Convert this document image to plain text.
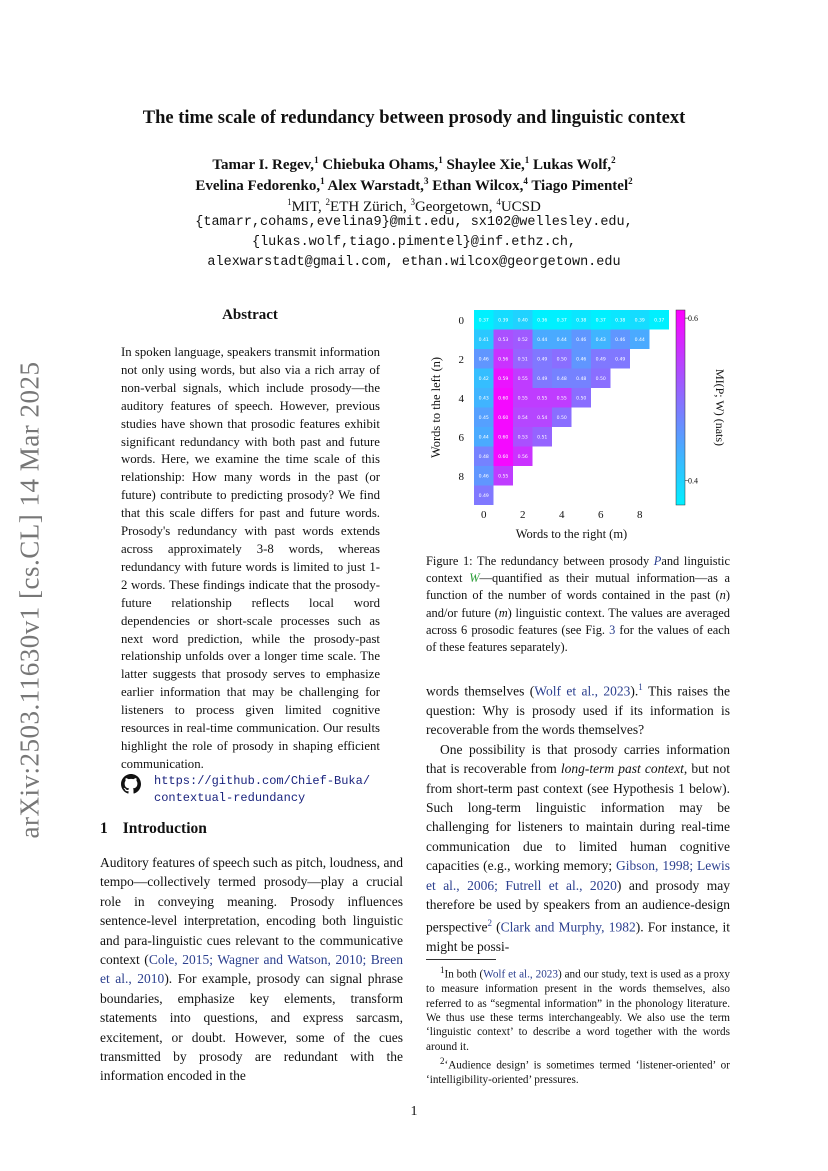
arXiv:2503.11630v1 [cs.CL] 14 Mar 2025
The time scale of redundancy between prosody and linguistic context
Tamar I. Regev,$^1$ Chiebuka Ohams,$^1$ Shaylee Xie,$^1$ Lukas Wolf,$^2$
Evelina Fedorenko,$^1$ Alex Warstadt,$^3$ Ethan Wilcox,$^4$ Tiago Pimentel$^2$
$^1$MIT, $^2$ETH Zürich, $^3$Georgetown, $^4$UCSD
{tamarr,cohams,evelina9}@mit.edu, sx102@wellesley.edu,
{lukas.wolf,tiago.pimentel}@inf.ethz.ch,
alexwarstadt@gmail.com, ethan.wilcox@georgetown.edu
Abstract
In spoken language, speakers transmit information not only using words, but also via a rich array of non-verbal signals, which include prosody—the auditory features of speech. However, previous studies have shown that prosodic features exhibit significant redundancy with both past and future words. Here, we examine the time scale of this relationship: How many words in the past (or future) contribute to predicting prosody? We find that this scale differs for past and future words. Prosody's redundancy with past words extends across approximately 3-8 words, whereas redundancy with future words is limited to just 1-2 words. These findings indicate that the prosody-future relationship reflects local word dependencies or short-scale processes such as next word prediction, while the prosody-past relationship unfolds over a longer time scale. The latter suggests that prosody serves to emphasize earlier information that may be challenging for listeners to process given limited cognitive resources in real-time communication. Our results highlight the role of prosody in shaping efficient communication.
https://github.com/Chief-Buka/
contextual-redundancy
1 Introduction

Auditory features of speech such as pitch, loudness, and tempo—collectively termed prosody—play a crucial role in conveying meaning. Prosody influences sentence-level interpretation, encoding both linguistic and para-linguistic cues relevant to the communicative context (Cole, 2015; Wagner and Watson, 2010; Breen et al., 2010). For example, prosody can signal phrase boundaries, emphasize key elements, transform statements into questions, and express sarcasm, excitement, or doubt. However, some of the cues transmitted by prosody are redundant with the information encoded in the

0.37 0.39 0.40 0.36 0.37 0.38 0.37 0.38 0.39 0.37
0.41 0.53 0.52 0.44 0.44 0.46 0.43 0.46 0.44
0.46 0.56 0.51 0.49 0.50 0.46 0.49 0.49
0.42 0.59 0.55 0.49 0.48 0.48 0.50
0.43 0.60 0.55 0.55 0.55 0.50
0.45 0.60 0.54 0.54 0.50
0.44 0.60 0.53 0.51
0.48 0.60 0.56
0.46 0.55
0.49
0	2	4	6	8
0
2
4
6
8
Words to the right (m)
Words to the left (n)
0.4
0.6
MI(P; W) (nats)
Figure 1: The redundancy between prosody Pand linguistic context W—quantified as their mutual information—as a function of the number of words contained in the past (n) and/or future (m) linguistic context. The values are averaged across 6 prosodic features (see Fig. 3 for the values of each of these features separately).

words themselves (Wolf et al., 2023).$^1$ This raises the question: Why is prosody used if its information is recoverable from the words themselves?

One possibility is that prosody carries information that is recoverable from long-term past context, but not from short-term past context (see Hypothesis 1 below). Such long-term linguistic information may be challenging for listeners to maintain during real-time communication due to limited human cognitive capacities (e.g., working memory; Gibson, 1998; Lewis et al., 2006; Futrell et al., 2020) and prosody may therefore be used by speakers from an audience-design perspective$^2$ (Clark and Murphy, 1982). For instance, it might be possi-

$^1$In both (Wolf et al., 2023) and our study, text is used as a proxy to measure information present in the words themselves, also referred to as “segmental information” in the phonology literature. We thus use these terms interchangeably. We also use the term ‘linguistic context’ to describe a word together with the words around it.

$^2$‘Audience design’ is sometimes termed ‘listener-oriented’ or ‘intelligibility-oriented’ pressures.

1
